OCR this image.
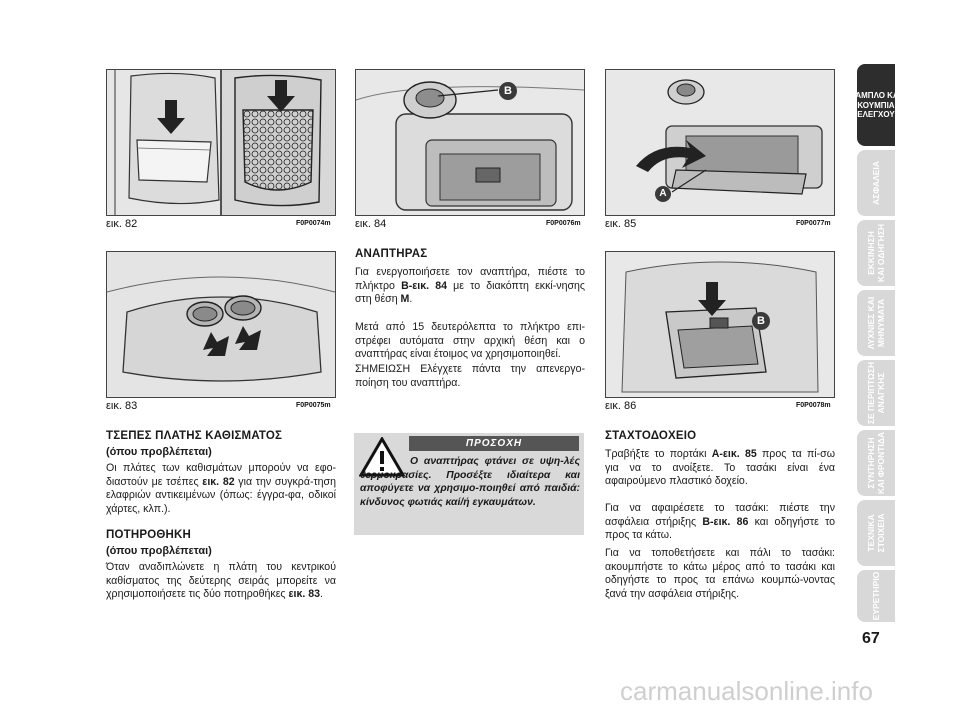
εικ. 82	F0P0074m
B
εικ. 84	F0P0076m
A
εικ. 85	F0P0077m
εικ. 83	F0P0075m
B
εικ. 86	F0P0078m
ΑΝΑΠΤΗΡΑΣ
Για ενεργοποιήσετε τον αναπτήρα, πιέστε το πλήκτρο B-εικ. 84 με το διακόπτη εκκί-νησης στη θέση M.
Μετά από 15 δευτερόλεπτα το πλήκτρο επι-στρέφει αυτόματα στην αρχική θέση και ο αναπτήρας είναι έτοιμος να χρησιμοποιηθεί.
ΣΗΜΕΙΩΣΗ Ελέγχετε πάντα την απενεργο-ποίηση του αναπτήρα.
ΠΡΟΣΟΧΗ
Ο αναπτήρας φτάνει σε υψη-λές θερμοκρασίες. Προσέξτε ιδιαίτερα και αποφύγετε να χρησιμο-ποιηθεί από παιδιά: κίνδυνος φωτιάς καί/ή εγκαυμάτων.
ΤΣΕΠΕΣ ΠΛΑΤΗΣ ΚΑΘΙΣΜΑΤΟΣ
(όπου προβλέπεται)
Οι πλάτες των καθισμάτων μπορούν να εφο-διαστούν με τσέπες εικ. 82 για την συγκρά-τηση ελαφριών αντικειμένων (όπως: έγγρα-φα, οδικοί χάρτες, κλπ.).
ΠΟΤΗΡΟΘΗΚΗ
(όπου προβλέπεται)
Όταν αναδιπλώνετε η πλάτη του κεντρικού καθίσματος της δεύτερης σειράς μπορείτε να χρησιμοποιήσετε τις δύο ποτηροθήκες εικ. 83.
ΣΤΑΧΤΟΔΟΧΕΙΟ
Τραβήξτε το πορτάκι A-εικ. 85 προς τα πί-σω για να το ανοίξετε. Το τασάκι είναι ένα αφαιρούμενο πλαστικό δοχείο.
Για να αφαιρέσετε το τασάκι: πιέστε την ασφάλεια στήριξης B-εικ. 86 και οδηγήστε το προς τα κάτω.
Για να τοποθετήσετε και πάλι το τασάκι: ακουμπήστε το κάτω μέρος από το τασάκι και οδηγήστε το προς τα επάνω κουμπώ-νοντας ξανά την ασφάλεια στήριξης.
ΤΑΜΠΛΟ ΚΑΙ
ΚΟΥΜΠΙΑ
ΕΛΕΓΧΟΥ
ΑΣΦΑΛΕΙΑ
ΕΚΚΙΝΗΣΗ
ΚΑΙ ΟΔΗΓΗΣΗ
ΛΥΧΝΙΕΣ ΚΑΙ
ΜΗΝΥΜΑΤΑ
ΣΕ ΠΕΡΙΠΤΩΣΗ
ΑΝΑΓΚΗΣ
ΣΥΝΤΗΡΗΣΗ
ΚΑΙ ΦΡΟΝΤΙΔΑ
ΤΕΧΝΙΚΑ
ΣΤΟΙΧΕΙΑ
ΕΥΡΕΤΗΡΙΟ
67
carmanualsonline.info
